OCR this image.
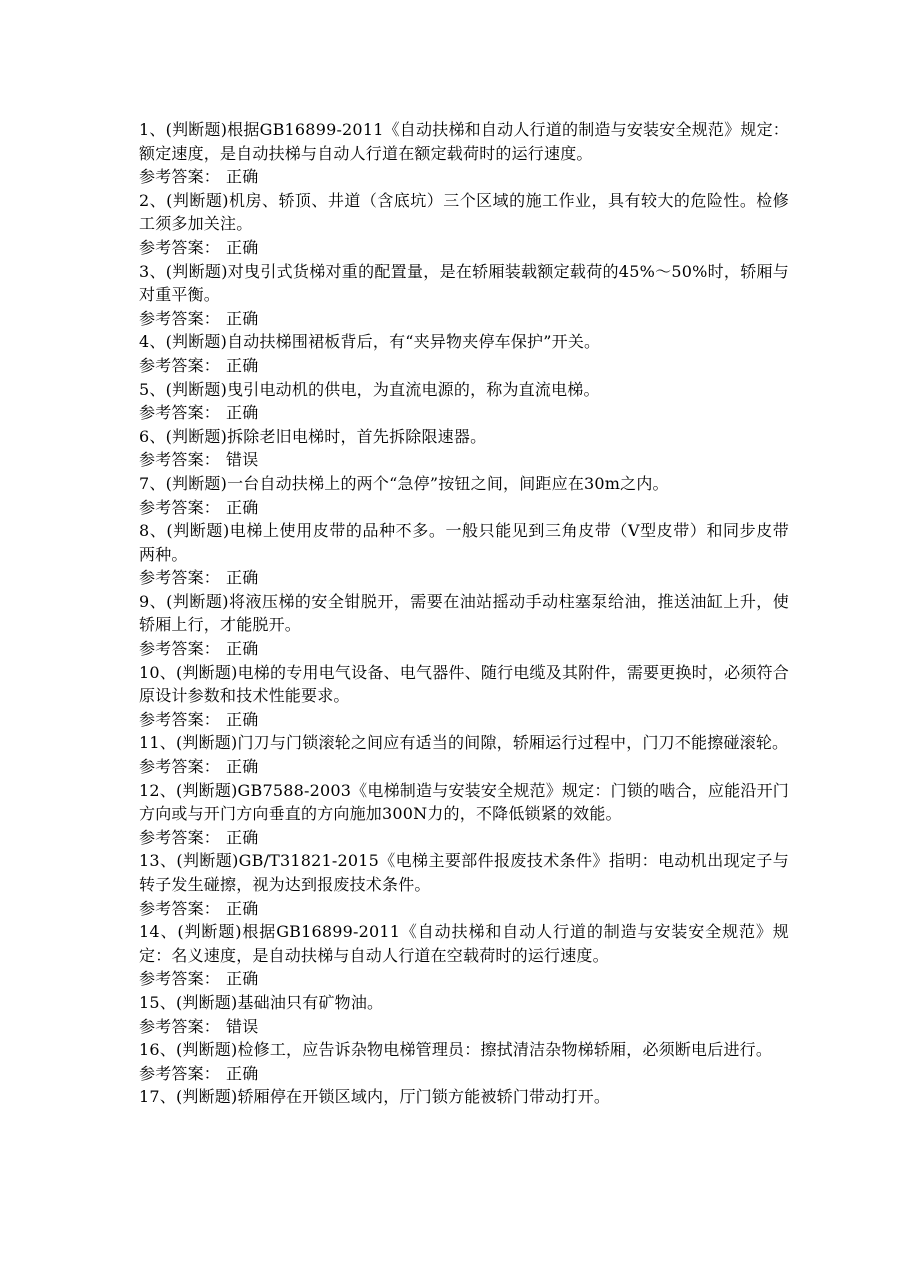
1、(判断题)根据GB16899-2011《自动扶梯和自动人行道的制造与安装安全规范》规定：额定速度，是自动扶梯与自动人行道在额定载荷时的运行速度。

参考答案： 正确

2、(判断题)机房、轿顶、井道（含底坑）三个区域的施工作业，具有较大的危险性。检修工须多加关注。

参考答案： 正确

3、(判断题)对曳引式货梯对重的配置量，是在轿厢装载额定载荷的45%～50%时，轿厢与对重平衡。

参考答案： 正确

4、(判断题)自动扶梯围裙板背后，有“夹异物夹停车保护”开关。

参考答案： 正确

5、(判断题)曳引电动机的供电，为直流电源的，称为直流电梯。

参考答案： 正确

6、(判断题)拆除老旧电梯时，首先拆除限速器。

参考答案： 错误

7、(判断题)一台自动扶梯上的两个“急停”按钮之间，间距应在30m之内。

参考答案： 正确

8、(判断题)电梯上使用皮带的品种不多。一般只能见到三角皮带（V型皮带）和同步皮带两种。

参考答案： 正确

9、(判断题)将液压梯的安全钳脱开，需要在油站摇动手动柱塞泵给油，推送油缸上升，使轿厢上行，才能脱开。

参考答案： 正确

10、(判断题)电梯的专用电气设备、电气器件、随行电缆及其附件，需要更换时，必须符合原设计参数和技术性能要求。

参考答案： 正确

11、(判断题)门刀与门锁滚轮之间应有适当的间隙，轿厢运行过程中，门刀不能擦碰滚轮。

参考答案： 正确

12、(判断题)GB7588-2003《电梯制造与安装安全规范》规定：门锁的啮合，应能沿开门方向或与开门方向垂直的方向施加300N力的，不降低锁紧的效能。

参考答案： 正确

13、(判断题)GB/T31821-2015《电梯主要部件报废技术条件》指明：电动机出现定子与转子发生碰擦，视为达到报废技术条件。

参考答案： 正确

14、(判断题)根据GB16899-2011《自动扶梯和自动人行道的制造与安装安全规范》规定：名义速度，是自动扶梯与自动人行道在空载荷时的运行速度。

参考答案： 正确

15、(判断题)基础油只有矿物油。

参考答案： 错误

16、(判断题)检修工，应告诉杂物电梯管理员：擦拭清洁杂物梯轿厢，必须断电后进行。

参考答案： 正确

17、(判断题)轿厢停在开锁区域内，厅门锁方能被轿门带动打开。
